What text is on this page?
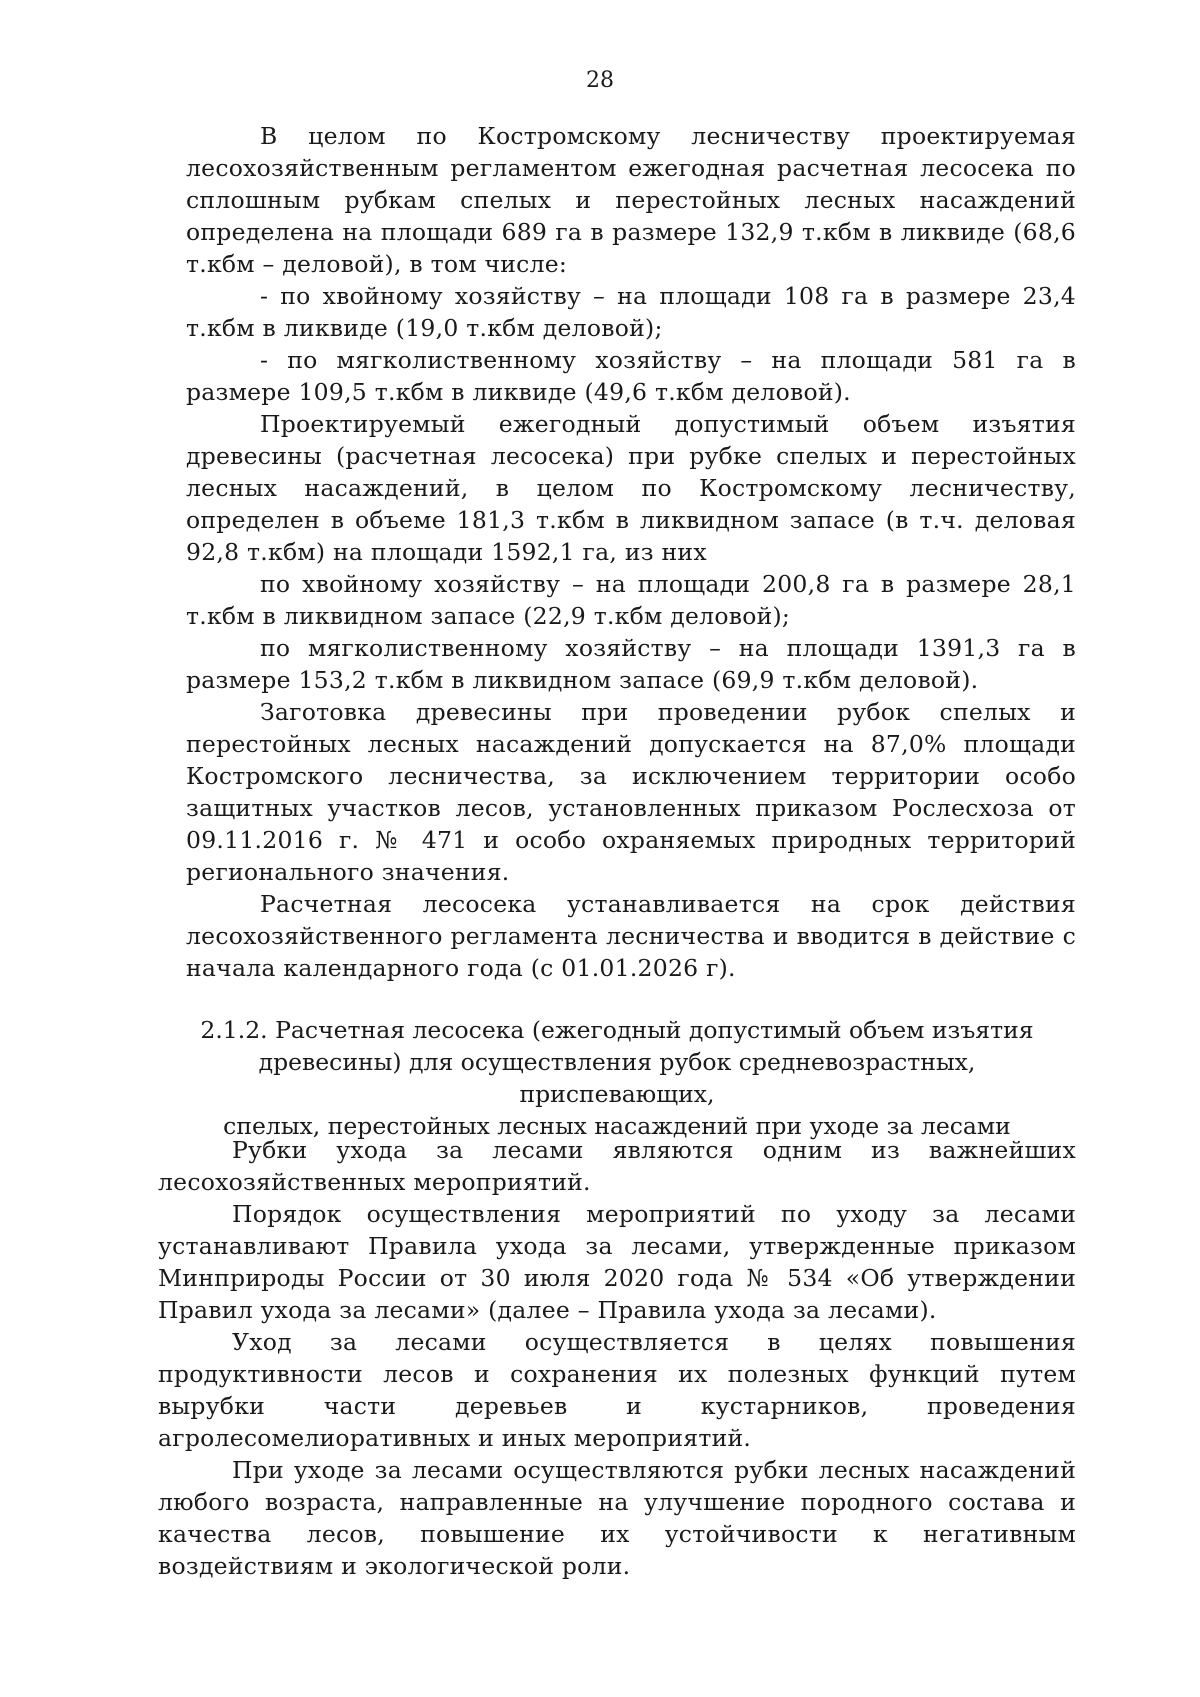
28

В целом по Костромскому лесничеству проектируемая лесохозяйственным регламентом ежегодная расчетная лесосека по сплошным рубкам спелых и перестойных лесных насаждений определена на площади 689 га в размере 132,9 т.кбм в ликвиде (68,6 т.кбм – деловой), в том числе:

- по хвойному хозяйству – на площади 108 га в размере 23,4 т.кбм в ликвиде (19,0 т.кбм деловой);

- по мягколиственному хозяйству – на площади 581 га в размере 109,5 т.кбм в ликвиде (49,6 т.кбм деловой).

Проектируемый ежегодный допустимый объем изъятия древесины (расчетная лесосека) при рубке спелых и перестойных лесных насаждений, в целом по Костромскому лесничеству, определен в объеме 181,3 т.кбм в ликвидном запасе (в т.ч. деловая 92,8 т.кбм) на площади 1592,1 га, из них

по хвойному хозяйству – на площади 200,8 га в размере 28,1 т.кбм в ликвидном запасе (22,9 т.кбм деловой);

по мягколиственному хозяйству – на площади 1391,3 га в размере 153,2 т.кбм в ликвидном запасе (69,9 т.кбм деловой).

Заготовка древесины при проведении рубок спелых и перестойных лесных насаждений допускается на 87,0% площади Костромского лесничества, за исключением территории особо защитных участков лесов, установленных приказом Рослесхоза от 09.11.2016 г. № 471 и особо охраняемых природных территорий регионального значения.

Расчетная лесосека устанавливается на срок действия лесохозяйственного регламента лесничества и вводится в действие с начала календарного года (с 01.01.2026 г).

2.1.2. Расчетная лесосека (ежегодный допустимый объем изъятия
древесины) для осуществления рубок средневозрастных, приспевающих,
спелых, перестойных лесных насаждений при уходе за лесами

Рубки ухода за лесами являются одним из важнейших лесохозяйственных мероприятий.

Порядок осуществления мероприятий по уходу за лесами устанавливают Правила ухода за лесами, утвержденные приказом Минприроды России от 30 июля 2020 года № 534 «Об утверждении Правил ухода за лесами» (далее – Правила ухода за лесами).

Уход за лесами осуществляется в целях повышения продуктивности лесов и сохранения их полезных функций путем вырубки части деревьев и кустарников, проведения агролесомелиоративных и иных мероприятий.

При уходе за лесами осуществляются рубки лесных насаждений любого возраста, направленные на улучшение породного состава и качества лесов, повышение их устойчивости к негативным воздействиям и экологической роли.
